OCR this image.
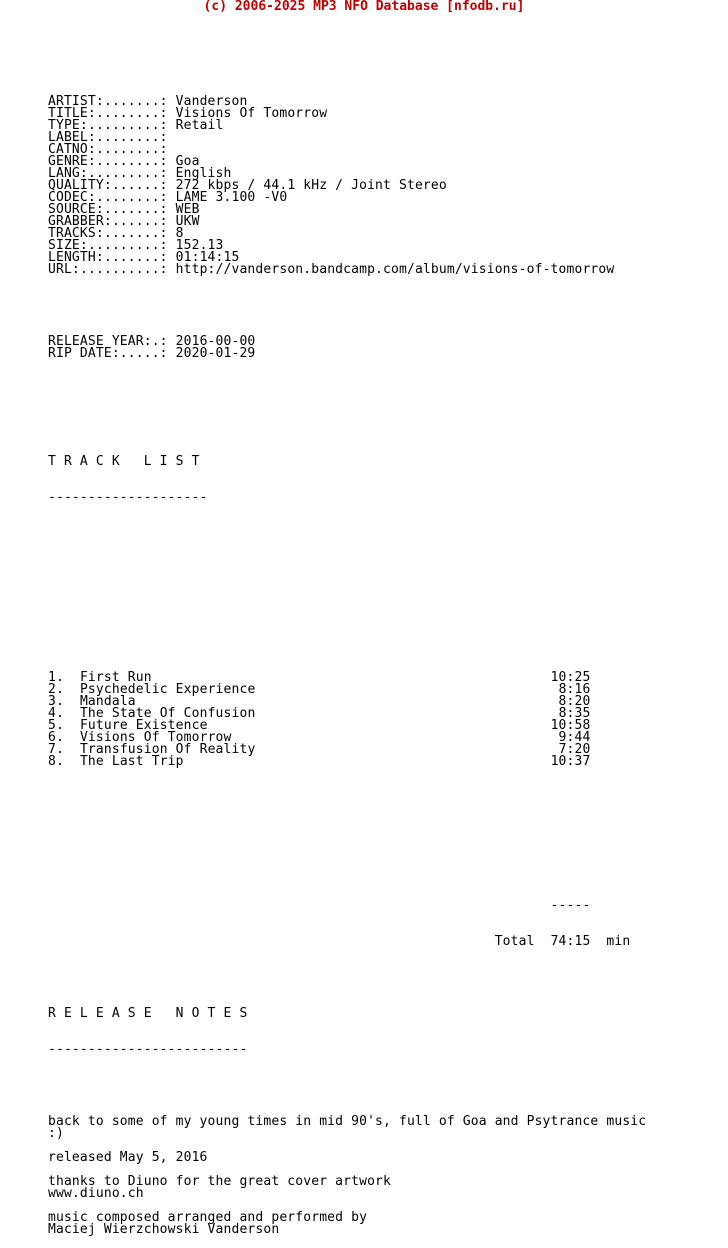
(c) 2006-2025 MP3 NFO Database [nfodb.ru]

ARTIST:.......: Vanderson
TITLE:........: Visions Of Tomorrow
TYPE:.........: Retail
LABEL:........:
CATNO:........:
GENRE:........: Goa
LANG:.........: English
QUALITY:......: 272 kbps / 44.1 kHz / Joint Stereo
CODEC:........: LAME 3.100 -V0
SOURCE:.......: WEB
GRABBER:......: UKW
TRACKS:.......: 8
SIZE:.........: 152.13
LENGTH:.......: 01:14:15
URL:..........: http://vanderson.bandcamp.com/album/visions-of-tomorrow

RELEASE YEAR:.: 2016-00-00
RIP DATE:.....: 2020-01-29

T R A C K   L I S T

--------------------

1. First Run	10:25
2. Psychedelic Experience	8:16
3. Mandala	8:20
4. The State Of Confusion	8:35
5. Future Existence	10:58
6. Visions Of Tomorrow	9:44
7. Transfusion Of Reality	7:20
8. The Last Trip	10:37

-----

Total 74:15 min

R E L E A S E   N O T E S

-------------------------

back to some of my young times in mid 90's, full of Goa and Psytrance music
:)
released May 5, 2016
thanks to Diuno for the great cover artwork
www.diuno.ch
music composed arranged and performed by
Maciej Wierzchowski Vanderson
